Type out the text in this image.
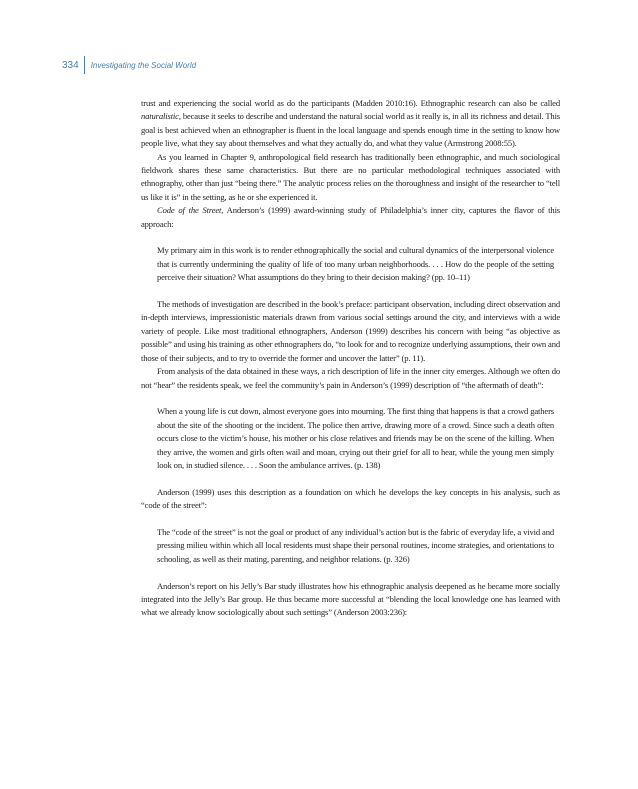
334 Investigating the Social World

trust and experiencing the social world as do the participants (Madden 2010:16). Ethnographic research can also be called naturalistic, because it seeks to describe and understand the natural social world as it really is, in all its richness and detail. This goal is best achieved when an ethnographer is fluent in the local language and spends enough time in the setting to know how people live, what they say about themselves and what they actually do, and what they value (Armstrong 2008:55).

As you learned in Chapter 9, anthropological field research has traditionally been ethnographic, and much sociological fieldwork shares these same characteristics. But there are no particular methodological techniques associated with ethnography, other than just “being there.” The analytic process relies on the thoroughness and insight of the researcher to “tell us like it is” in the setting, as he or she experienced it.

Code of the Street, Anderson’s (1999) award-winning study of Philadelphia’s inner city, captures the flavor of this approach:

My primary aim in this work is to render ethnographically the social and cultural dynamics of the interpersonal violence that is currently undermining the quality of life of too many urban neighborhoods. . . . How do the people of the setting perceive their situation? What assumptions do they bring to their decision making? (pp. 10–11)

The methods of investigation are described in the book’s preface: participant observation, including direct observation and in-depth interviews, impressionistic materials drawn from various social settings around the city, and interviews with a wide variety of people. Like most traditional ethnographers, Anderson (1999) describes his concern with being “as objective as possible” and using his training as other ethnographers do, “to look for and to recognize underlying assumptions, their own and those of their subjects, and to try to override the former and uncover the latter” (p. 11).

From analysis of the data obtained in these ways, a rich description of life in the inner city emerges. Although we often do not “hear” the residents speak, we feel the community’s pain in Anderson’s (1999) description of “the aftermath of death”:

When a young life is cut down, almost everyone goes into mourning. The first thing that happens is that a crowd gathers about the site of the shooting or the incident. The police then arrive, drawing more of a crowd. Since such a death often occurs close to the victim’s house, his mother or his close relatives and friends may be on the scene of the killing. When they arrive, the women and girls often wail and moan, crying out their grief for all to hear, while the young men simply look on, in studied silence. . . . Soon the ambulance arrives. (p. 138)

Anderson (1999) uses this description as a foundation on which he develops the key concepts in his analysis, such as “code of the street”:

The “code of the street” is not the goal or product of any individual’s action but is the fabric of everyday life, a vivid and pressing milieu within which all local residents must shape their personal routines, income strategies, and orientations to schooling, as well as their mating, parenting, and neighbor relations. (p. 326)

Anderson’s report on his Jelly’s Bar study illustrates how his ethnographic analysis deepened as he became more socially integrated into the Jelly’s Bar group. He thus became more successful at “blending the local knowledge one has learned with what we already know sociologically about such settings” (Anderson 2003:236):
